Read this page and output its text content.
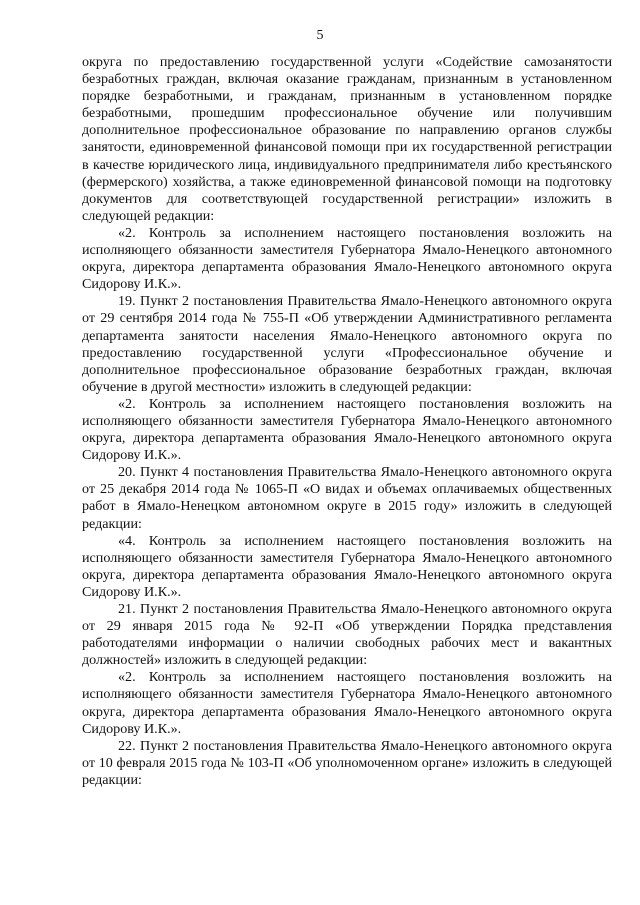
5

округа по предоставлению государственной услуги «Содействие самозанятости безработных граждан, включая оказание гражданам, признанным в установленном порядке безработными, и гражданам, признанным в установленном порядке безработными, прошедшим профессиональное обучение или получившим дополнительное профессиональное образование по направлению органов службы занятости, единовременной финансовой помощи при их государственной регистрации в качестве юридического лица, индивидуального предпринимателя либо крестьянского (фермерского) хозяйства, а также единовременной финансовой помощи на подготовку документов для соответствующей государственной регистрации» изложить в следующей редакции:

«2. Контроль за исполнением настоящего постановления возложить на исполняющего обязанности заместителя Губернатора Ямало-Ненецкого автономного округа, директора департамента образования Ямало-Ненецкого автономного округа Сидорову И.К.».

19. Пункт 2 постановления Правительства Ямало-Ненецкого автономного округа от 29 сентября 2014 года № 755-П «Об утверждении Административного регламента департамента занятости населения Ямало-Ненецкого автономного округа по предоставлению государственной услуги «Профессиональное обучение и дополнительное профессиональное образование безработных граждан, включая обучение в другой местности» изложить в следующей редакции:

«2. Контроль за исполнением настоящего постановления возложить на исполняющего обязанности заместителя Губернатора Ямало-Ненецкого автономного округа, директора департамента образования Ямало-Ненецкого автономного округа Сидорову И.К.».

20. Пункт 4 постановления Правительства Ямало-Ненецкого автономного округа от 25 декабря 2014 года № 1065-П «О видах и объемах оплачиваемых общественных работ в Ямало-Ненецком автономном округе в 2015 году» изложить в следующей редакции:

«4. Контроль за исполнением настоящего постановления возложить на исполняющего обязанности заместителя Губернатора Ямало-Ненецкого автономного округа, директора департамента образования Ямало-Ненецкого автономного округа Сидорову И.К.».

21. Пункт 2 постановления Правительства Ямало-Ненецкого автономного округа от 29 января 2015 года № 92-П «Об утверждении Порядка представления работодателями информации о наличии свободных рабочих мест и вакантных должностей» изложить в следующей редакции:

«2. Контроль за исполнением настоящего постановления возложить на исполняющего обязанности заместителя Губернатора Ямало-Ненецкого автономного округа, директора департамента образования Ямало-Ненецкого автономного округа Сидорову И.К.».

22. Пункт 2 постановления Правительства Ямало-Ненецкого автономного округа от 10 февраля 2015 года № 103-П «Об уполномоченном органе» изложить в следующей редакции:
